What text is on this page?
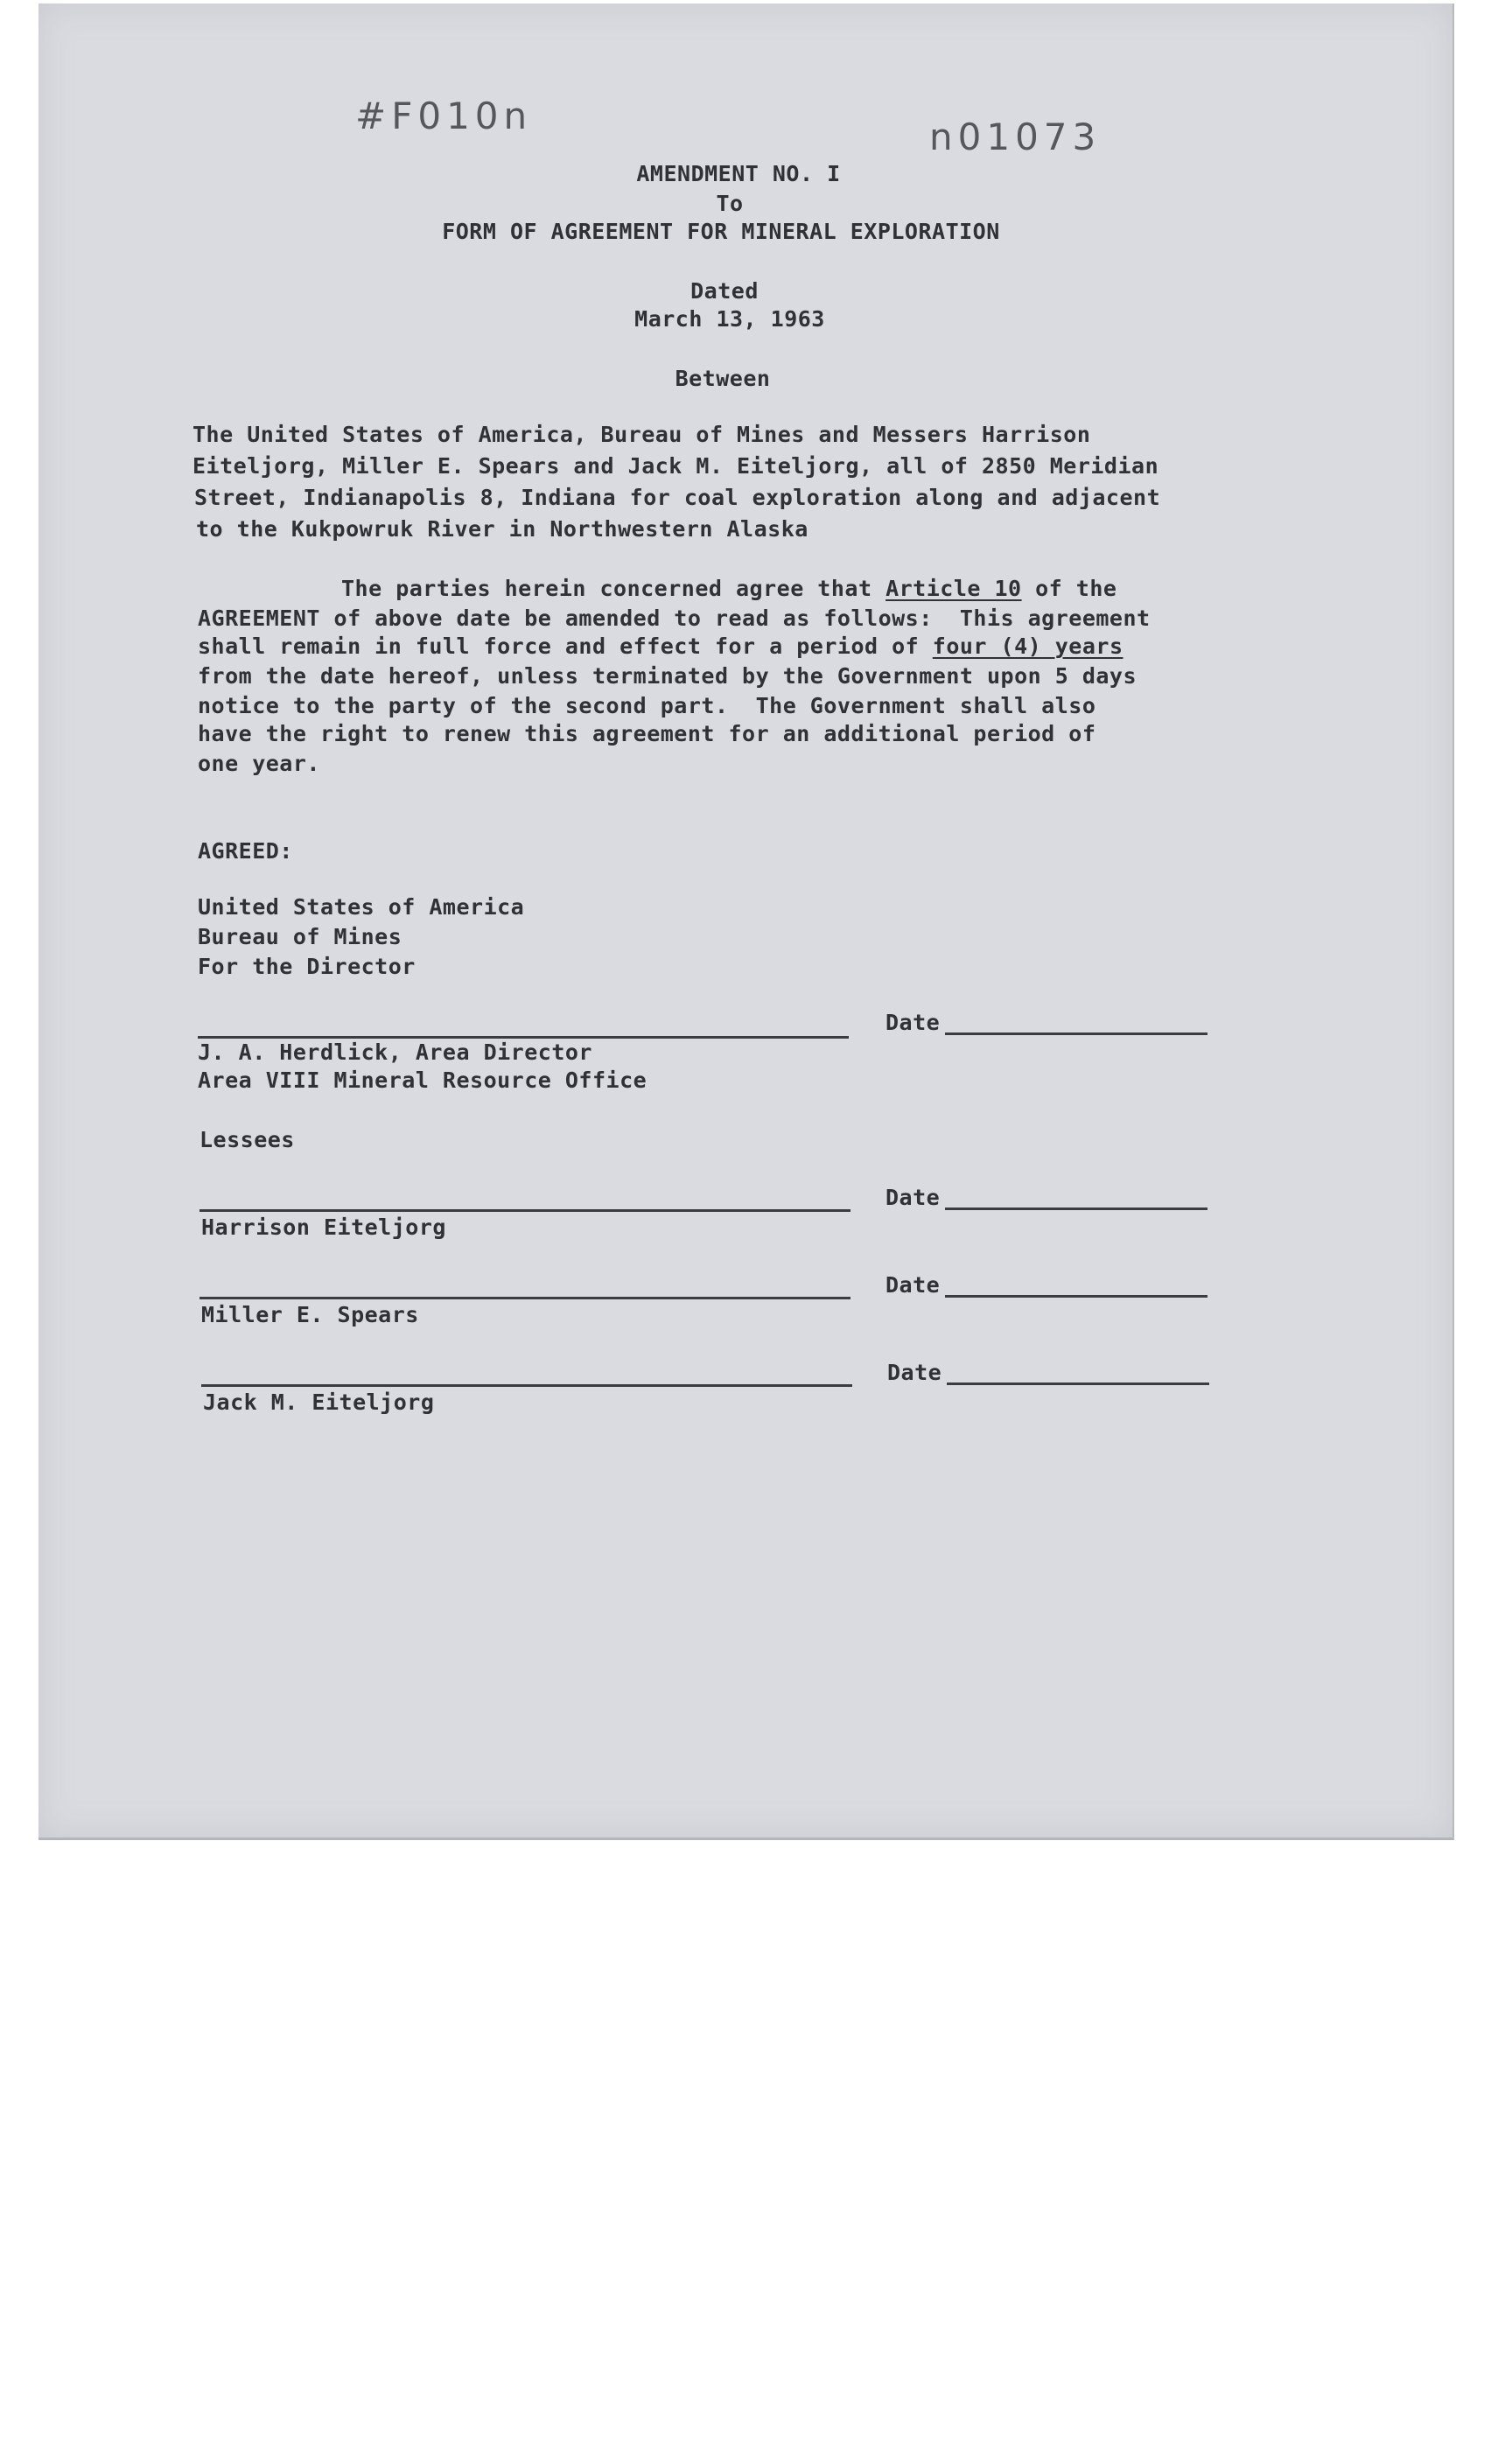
#F010n	n01073
AMENDMENT NO. I
To
FORM OF AGREEMENT FOR MINERAL EXPLORATION
Dated
March 13, 1963
Between
The United States of America, Bureau of Mines and Messers Harrison
Eiteljorg, Miller E. Spears and Jack M. Eiteljorg, all of 2850 Meridian
Street, Indianapolis 8, Indiana for coal exploration along and adjacent
to the Kukpowruk River in Northwestern Alaska
The parties herein concerned agree that Article 10 of the
AGREEMENT of above date be amended to read as follows:  This agreement
shall remain in full force and effect for a period of four (4) years
from the date hereof, unless terminated by the Government upon 5 days
notice to the party of the second part.  The Government shall also
have the right to renew this agreement for an additional period of
one year.
AGREED:
United States of America
Bureau of Mines
For the Director
Date
J. A. Herdlick, Area Director
Area VIII Mineral Resource Office
Lessees
Date
Harrison Eiteljorg
Date
Miller E. Spears
Date
Jack M. Eiteljorg
